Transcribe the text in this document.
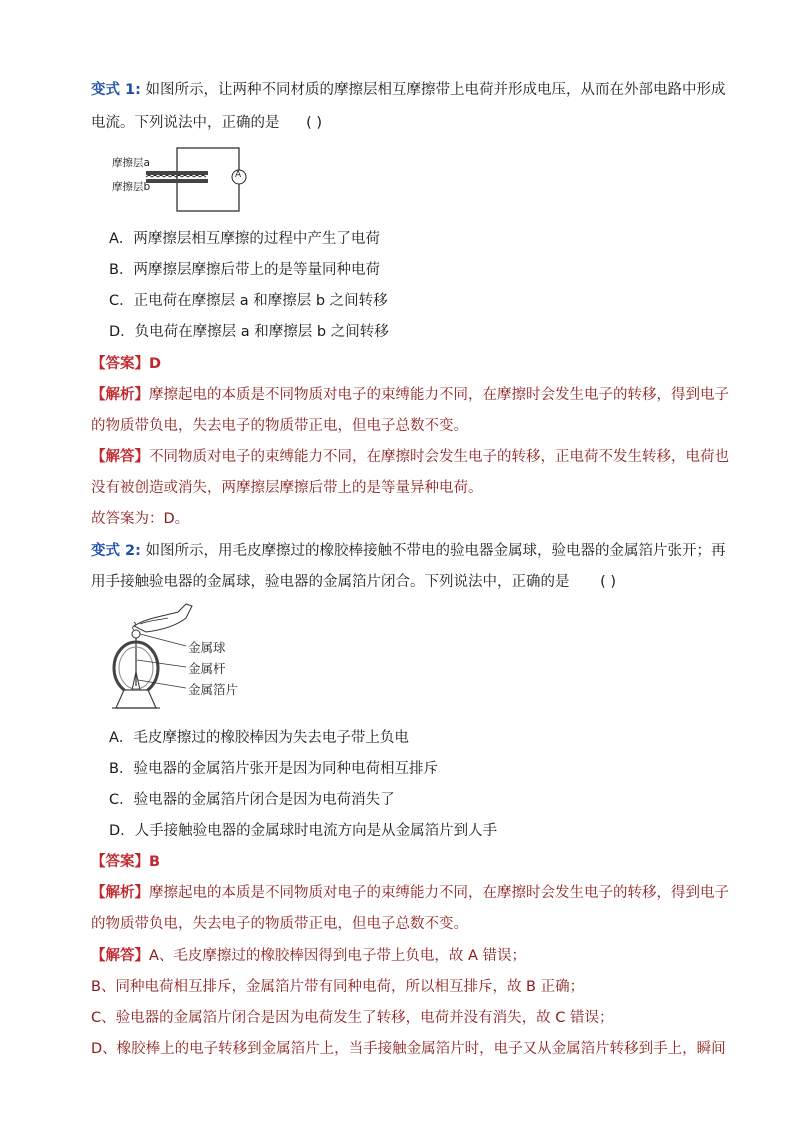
变式 1: 如图所示，让两种不同材质的摩擦层相互摩擦带上电荷并形成电压，从而在外部电路中形成
电流。下列说法中，正确的是 ( )
摩擦层a
摩擦层b
A
A．两摩擦层相互摩擦的过程中产生了电荷
B．两摩擦层摩擦后带上的是等量同种电荷
C．正电荷在摩擦层 a 和摩擦层 b 之间转移
D．负电荷在摩擦层 a 和摩擦层 b 之间转移
【答案】D
【解析】摩擦起电的本质是不同物质对电子的束缚能力不同，在摩擦时会发生电子的转移，得到电子
的物质带负电，失去电子的物质带正电，但电子总数不变。
【解答】不同物质对电子的束缚能力不同，在摩擦时会发生电子的转移，正电荷不发生转移，电荷也
没有被创造或消失，两摩擦层摩擦后带上的是等量异种电荷。
故答案为：D。
变式 2: 如图所示，用毛皮摩擦过的橡胶棒接触不带电的验电器金属球，验电器的金属箔片张开；再
用手接触验电器的金属球，验电器的金属箔片闭合。下列说法中，正确的是 ( )
金属球
金属杆
金属箔片
A．毛皮摩擦过的橡胶棒因为失去电子带上负电
B．验电器的金属箔片张开是因为同种电荷相互排斥
C．验电器的金属箔片闭合是因为电荷消失了
D．人手接触验电器的金属球时电流方向是从金属箔片到人手
【答案】B
【解析】摩擦起电的本质是不同物质对电子的束缚能力不同，在摩擦时会发生电子的转移，得到电子
的物质带负电，失去电子的物质带正电，但电子总数不变。
【解答】A、毛皮摩擦过的橡胶棒因得到电子带上负电，故 A 错误；
B、同种电荷相互排斥，金属箔片带有同种电荷，所以相互排斥，故 B 正确；
C、验电器的金属箔片闭合是因为电荷发生了转移，电荷并没有消失，故 C 错误；
D、橡胶棒上的电子转移到金属箔片上，当手接触金属箔片时，电子又从金属箔片转移到手上，瞬间
